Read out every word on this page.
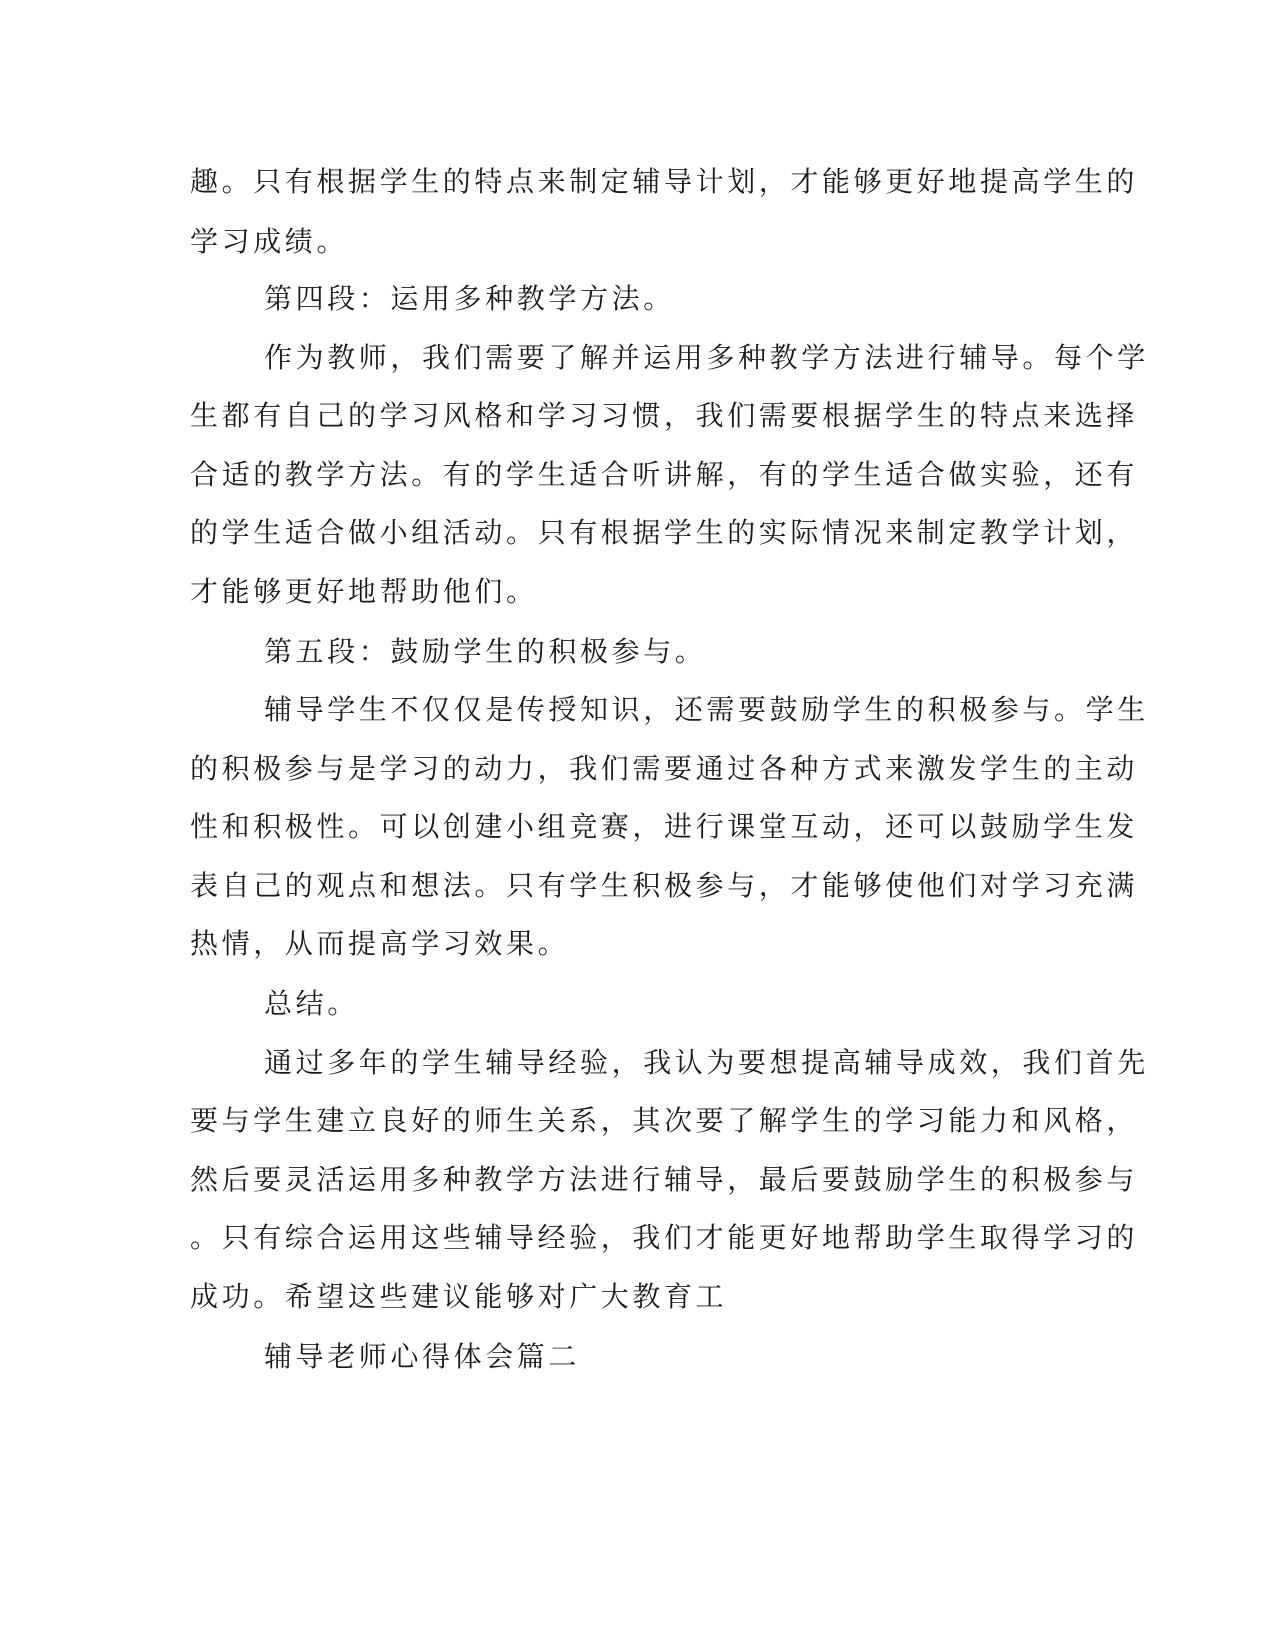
趣。只有根据学生的特点来制定辅导计划，才能够更好地提高学生的
学习成绩。
第四段：运用多种教学方法。
作为教师，我们需要了解并运用多种教学方法进行辅导。每个学
生都有自己的学习风格和学习习惯，我们需要根据学生的特点来选择
合适的教学方法。有的学生适合听讲解，有的学生适合做实验，还有
的学生适合做小组活动。只有根据学生的实际情况来制定教学计划，
才能够更好地帮助他们。
第五段：鼓励学生的积极参与。
辅导学生不仅仅是传授知识，还需要鼓励学生的积极参与。学生
的积极参与是学习的动力，我们需要通过各种方式来激发学生的主动
性和积极性。可以创建小组竞赛，进行课堂互动，还可以鼓励学生发
表自己的观点和想法。只有学生积极参与，才能够使他们对学习充满
热情，从而提高学习效果。
总结。
通过多年的学生辅导经验，我认为要想提高辅导成效，我们首先
要与学生建立良好的师生关系，其次要了解学生的学习能力和风格，
然后要灵活运用多种教学方法进行辅导，最后要鼓励学生的积极参与
。只有综合运用这些辅导经验，我们才能更好地帮助学生取得学习的
成功。希望这些建议能够对广大教育工
辅导老师心得体会篇二
